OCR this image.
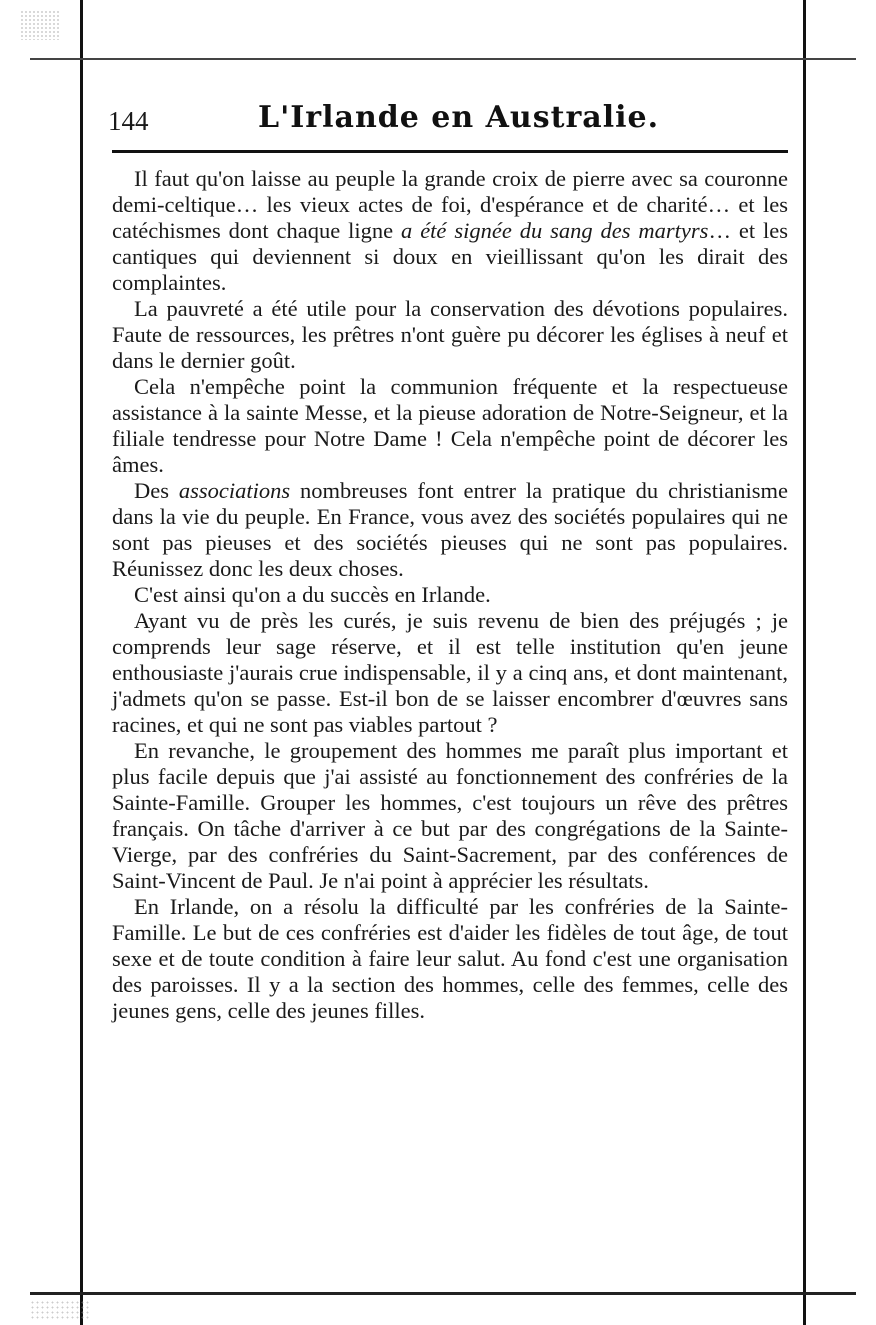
144	L'Irlande en Australie.

Il faut qu'on laisse au peuple la grande croix de pierre avec sa couronne demi-celtique… les vieux actes de foi, d'espérance et de charité… et les catéchismes dont chaque ligne a été signée du sang des martyrs… et les cantiques qui deviennent si doux en vieillissant qu'on les dirait des complaintes.

La pauvreté a été utile pour la conservation des dévotions populaires. Faute de ressources, les prêtres n'ont guère pu décorer les églises à neuf et dans le dernier goût.

Cela n'empêche point la communion fréquente et la respectueuse assistance à la sainte Messe, et la pieuse adoration de Notre-Seigneur, et la filiale tendresse pour Notre Dame ! Cela n'empêche point de décorer les âmes.

Des associations nombreuses font entrer la pratique du christianisme dans la vie du peuple. En France, vous avez des sociétés populaires qui ne sont pas pieuses et des sociétés pieuses qui ne sont pas populaires. Réunissez donc les deux choses.

C'est ainsi qu'on a du succès en Irlande.

Ayant vu de près les curés, je suis revenu de bien des préjugés ; je comprends leur sage réserve, et il est telle institution qu'en jeune enthousiaste j'aurais crue indispensable, il y a cinq ans, et dont maintenant, j'admets qu'on se passe. Est-il bon de se laisser encombrer d'œuvres sans racines, et qui ne sont pas viables partout ?

En revanche, le groupement des hommes me paraît plus important et plus facile depuis que j'ai assisté au fonctionnement des confréries de la Sainte-Famille. Grouper les hommes, c'est toujours un rêve des prêtres français. On tâche d'arriver à ce but par des congrégations de la Sainte-Vierge, par des confréries du Saint-Sacrement, par des conférences de Saint-Vincent de Paul. Je n'ai point à apprécier les résultats.

En Irlande, on a résolu la difficulté par les confréries de la Sainte-Famille. Le but de ces confréries est d'aider les fidèles de tout âge, de tout sexe et de toute condition à faire leur salut. Au fond c'est une organisation des paroisses. Il y a la section des hommes, celle des femmes, celle des jeunes gens, celle des jeunes filles.
